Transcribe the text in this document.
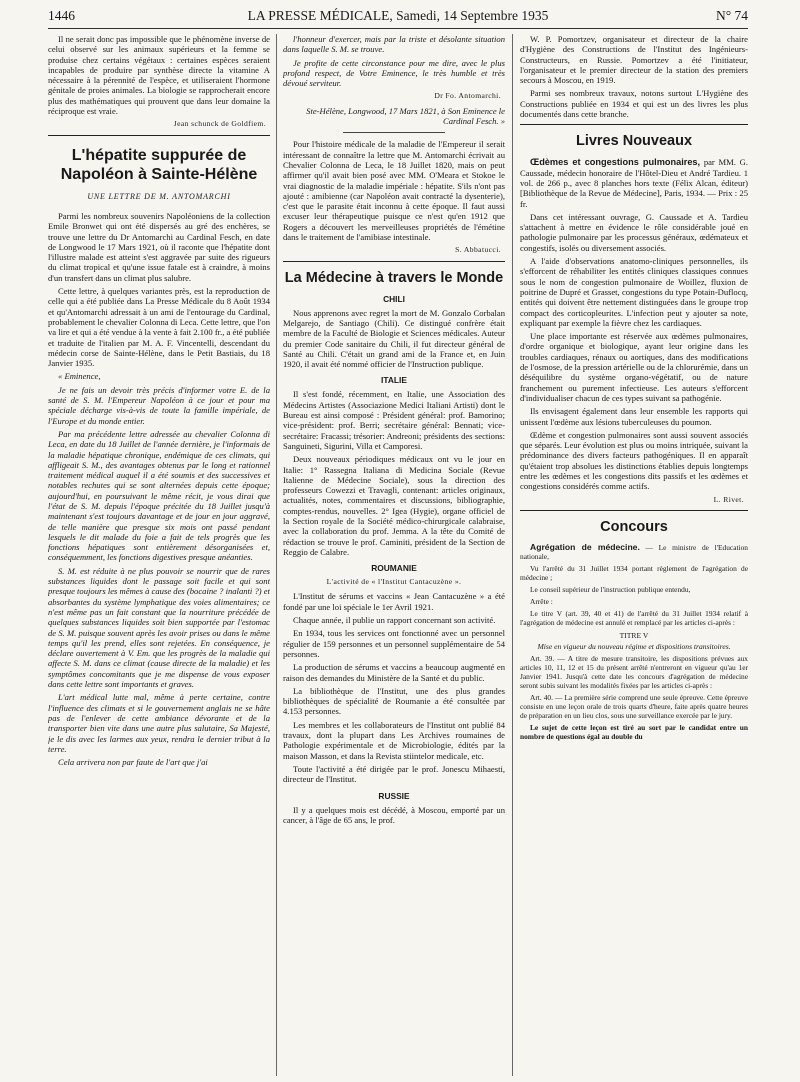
1446	LA PRESSE MÉDICALE, Samedi, 14 Septembre 1935	N° 74

Il ne serait donc pas impossible que le phénomène inverse de celui observé sur les animaux supérieurs et la femme se produise chez certains végétaux : certaines espèces seraient incapables de produire par synthèse directe la vitamine A nécessaire à la pérennité de l'espèce, et utiliseraient l'hormone génitale de proies animales. La biologie se rapprocherait encore plus des mathématiques qui prouvent que dans leur domaine la réciproque est vraie.

Jean schunck de Goldfiem.

L'hépatite suppurée de Napoléon à Sainte-Hélène

UNE LETTRE DE M. ANTOMARCHI

Parmi les nombreux souvenirs Napoléoniens de la collection Emile Bronwet qui ont été dispersés au gré des enchères, se trouve une lettre du Dr Antomarchi au Cardinal Fesch, en date de Longwood le 17 Mars 1921, où il raconte que l'hépatite dont l'illustre malade est atteint s'est aggravée par suite des rigueurs du climat tropical et qu'une issue fatale est à craindre, à moins d'un transfert dans un climat plus salubre.

Cette lettre, à quelques variantes près, est la reproduction de celle qui a été publiée dans La Presse Médicale du 8 Août 1934 et qu'Antomarchi adressait à un ami de l'entourage du Cardinal, probablement le chevalier Colonna di Leca. Cette lettre, que l'on va lire et qui a été vendue à la vente à fait 2.100 fr., a été publiée et traduite de l'italien par M. A. F. Vincentelli, descendant du médecin corse de Sainte-Hélène, dans le Petit Bastiais, du 18 Janvier 1935.

« Eminence,

Je ne fais un devoir très précis d'informer votre E. de la santé de S. M. l'Empereur Napoléon à ce jour et pour ma spéciale décharge vis-à-vis de toute la famille impériale, de l'Europe et du monde entier.

Par ma précédente lettre adressée au chevalier Colonna di Leca, en date du 18 Juillet de l'année dernière, je l'informais de la maladie hépatique chronique, endémique de ces climats, qui affligeait S. M., des avantages obtenus par le long et rationnel traitement médical auquel il a été soumis et des successives et notables rechutes qui se sont alternées depuis cette époque; aujourd'hui, en poursuivant le même récit, je vous dirai que l'état de S. M. depuis l'époque précitée du 18 Juillet jusqu'à maintenant s'est toujours davantage et de jour en jour aggravé, de telle manière que presque six mois ont passé pendant lesquels le dit malade du foie a fait de tels progrès que les fonctions hépatiques sont entièrement désorganisées et, conséquemment, les fonctions digestives presque anéanties.

S. M. est réduite à ne plus pouvoir se nourrir que de rares substances liquides dont le passage soit facile et qui sont presque toujours les mêmes à cause des (bocaine ? inalanti ?) et absorbantes du système lymphatique des voies alimentaires; ce n'est même pas un fait constant que la nourriture précédée de quelques substances liquides soit bien supportée par l'estomac de S. M. puisque souvent après les avoir prises ou dans le même temps qu'il les prend, elles sont rejetées. En conséquence, je déclare ouvertement à V. Em. que les progrès de la maladie qui affecte S. M. dans ce climat (cause directe de la maladie) et les symptômes concomitants que je me dispense de vous exposer dans cette lettre sont importants et graves.

L'art médical lutte mal, même à perte certaine, contre l'influence des climats et si le gouvernement anglais ne se hâte pas de l'enlever de cette ambiance dévorante et de la transporter bien vite dans une autre plus salutaire, Sa Majesté, je le dis avec les larmes aux yeux, rendra le dernier tribut à la terre.

Cela arrivera non par faute de l'art que j'ai

l'honneur d'exercer, mais par la triste et désolante situation dans laquelle S. M. se trouve.

Je profite de cette circonstance pour me dire, avec le plus profond respect, de Votre Eminence, le très humble et très dévoué serviteur.

Dr Fo. Antomarchi.

Ste-Hélène, Longwood, 17 Mars 1821, à Son Eminence le Cardinal Fesch. »

Pour l'histoire médicale de la maladie de l'Empereur il serait intéressant de connaître la lettre que M. Antomarchi écrivait au Chevalier Colonna de Leca, le 18 Juillet 1820, mais on peut affirmer qu'il avait bien posé avec MM. O'Meara et Stokoe le vrai diagnostic de la maladie impériale : hépatite. S'ils n'ont pas ajouté : amibienne (car Napoléon avait contracté la dysenterie), c'est que le parasite était inconnu à cette époque. Il faut aussi excuser leur thérapeutique puisque ce n'est qu'en 1912 que Rogers a découvert les merveilleuses propriétés de l'émétine dans le traitement de l'amibiase intestinale.

S. Abbatucci.

La Médecine à travers le Monde
CHILI

Nous apprenons avec regret la mort de M. Gonzalo Corbalan Melgarejo, de Santiago (Chili). Ce distingué confrère était membre de la Faculté de Biologie et Sciences médicales. Auteur du premier Code sanitaire du Chili, il fut directeur général de Santé au Chili. C'était un grand ami de la France et, en Juin 1920, il avait été nommé officier de l'Instruction publique.

ITALIE

Il s'est fondé, récemment, en Italie, une Association des Médecins Artistes (Associazione Medici Italiani Artisti) dont le Bureau est ainsi composé : Président général: prof. Bamorino; vice-président: prof. Berri; secrétaire général: Bennati; vice-secrétaire: Fracassi; trésorier: Andreoni; présidents des sections: Sanguineti, Sigurini, Villa et Camporesi.

Deux nouveaux périodiques médicaux ont vu le jour en Italie: 1° Rassegna Italiana di Medicina Sociale (Revue Italienne de Médecine Sociale), sous la direction des professeurs Cowezzi et Travagli, contenant: articles originaux, actualités, notes, commentaires et discussions, bibliographie, comptes-rendus, nouvelles. 2° Igea (Hygie), organe officiel de la Section royale de la Société médico-chirurgicale calabraise, avec la collaboration du prof. Jemma. A la tête du Comité de rédaction se trouve le prof. Caminiti, président de la Section de Reggio de Calabre.

ROUMANIE

L'activité de « l'Institut Cantacuzène ».

L'Institut de sérums et vaccins « Jean Cantacuzène » a été fondé par une loi spéciale le 1er Avril 1921.

Chaque année, il publie un rapport concernant son activité.

En 1934, tous les services ont fonctionné avec un personnel régulier de 159 personnes et un personnel supplémentaire de 54 personnes.

La production de sérums et vaccins a beaucoup augmenté en raison des demandes du Ministère de la Santé et du public.

La bibliothèque de l'Institut, une des plus grandes bibliothèques de spécialité de Roumanie a été consultée par 4.153 personnes.

Les membres et les collaborateurs de l'Institut ont publié 84 travaux, dont la plupart dans Les Archives roumaines de Pathologie expérimentale et de Microbiologie, édités par la maison Masson, et dans la Revista stiintelor medicale, etc.

Toute l'activité a été dirigée par le prof. Jonescu Mihaesti, directeur de l'Institut.

RUSSIE

Il y a quelques mois est décédé, à Moscou, emporté par un cancer, à l'âge de 65 ans, le prof.

W. P. Pomortzev, organisateur et directeur de la chaire d'Hygiène des Constructions de l'Institut des Ingénieurs-Constructeurs, en Russie. Pomortzev a été l'initiateur, l'organisateur et le premier directeur de la station des premiers secours à Moscou, en 1919.

Parmi ses nombreux travaux, notons surtout L'Hygiène des Constructions publiée en 1934 et qui est un des livres les plus documentés dans cette branche.

Livres Nouveaux

Œdèmes et congestions pulmonaires, par MM. G. Caussade, médecin honoraire de l'Hôtel-Dieu et André Tardieu. 1 vol. de 266 p., avec 8 planches hors texte (Félix Alcan, éditeur) [Bibliothèque de la Revue de Médecine], Paris, 1934. — Prix : 25 fr.

Dans cet intéressant ouvrage, G. Caussade et A. Tardieu s'attachent à mettre en évidence le rôle considérable joué en pathologie pulmonaire par les processus généraux, œdémateux et congestifs, isolés ou diversement associés.

A l'aide d'observations anatomo-cliniques personnelles, ils s'efforcent de réhabiliter les entités cliniques classiques connues sous le nom de congestion pulmonaire de Woillez, fluxion de poitrine de Dupré et Grasset, congestions du type Potain-Duflocq, entités qui doivent être nettement distinguées dans le groupe trop compact des corticopleurites. L'infection peut y ajouter sa note, expliquant par exemple la fièvre chez les cardiaques.

Une place importante est réservée aux œdèmes pulmonaires, d'ordre organique et biologique, ayant leur origine dans les troubles cardiaques, rénaux ou aortiques, dans des modifications de l'osmose, de la pression artérielle ou de la chlorurémie, dans un déséquilibre du système organo-végétatif, ou de nature franchement ou purement infectieuse. Les auteurs s'efforcent d'individualiser chacun de ces types suivant sa pathogénie.

Ils envisagent également dans leur ensemble les rapports qui unissent l'œdème aux lésions tuberculeuses du poumon.

Œdème et congestion pulmonaires sont aussi souvent associés que séparés. Leur évolution est plus ou moins intriquée, suivant la prédominance des divers facteurs pathogéniques. Il en apparaît qu'étaient trop absolues les distinctions établies depuis longtemps entre les œdèmes et les congestions dits passifs et les œdèmes et congestions considérés comme actifs.

L. Rivet.

Concours

Agrégation de médecine. — Le ministre de l'Education nationale,

Vu l'arrêté du 31 Juillet 1934 portant règlement de l'agrégation de médecine ;

Le conseil supérieur de l'instruction publique entendu,

Arrête :

Le titre V (art. 39, 40 et 41) de l'arrêté du 31 Juillet 1934 relatif à l'agrégation de médecine est annulé et remplacé par les articles ci-après :

TITRE V

Mise en vigueur du nouveau régime et dispositions transitoires.

Art. 39. — A titre de mesure transitoire, les dispositions prévues aux articles 10, 11, 12 et 15 du présent arrêté n'entreront en vigueur qu'au 1er Janvier 1941. Jusqu'à cette date les concours d'agrégation de médecine seront subis suivant les modalités fixées par les articles ci-après :

Art. 40. — La première série comprend une seule épreuve. Cette épreuve consiste en une leçon orale de trois quarts d'heure, faite après quatre heures de préparation en un lieu clos, sous une surveillance exercée par le jury.

Le sujet de cette leçon est tiré au sort par le candidat entre un nombre de questions égal au double du
